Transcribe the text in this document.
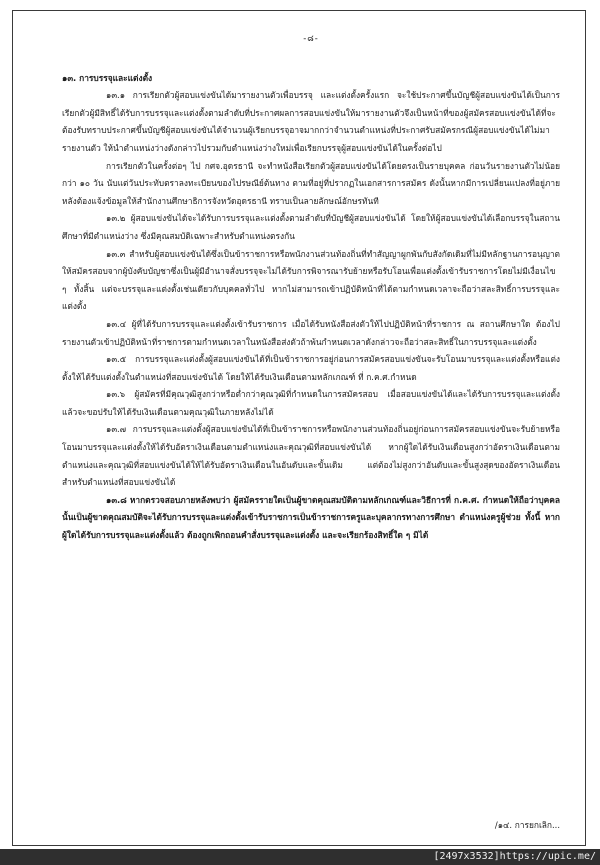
-๘-

๑๓. การบรรจุและแต่งตั้ง

๑๓.๑ การเรียกตัวผู้สอบแข่งขันได้มารายงานตัวเพื่อบรรจุ และแต่งตั้งครั้งแรก จะใช้ประกาศขึ้นบัญชีผู้สอบแข่งขันได้เป็นการเรียกตัวผู้มีสิทธิ์ได้รับการบรรจุและแต่งตั้งตามลำดับที่ประกาศผลการสอบแข่งขันให้มารายงานตัวจึงเป็นหน้าที่ของผู้สมัครสอบแข่งขันได้ที่จะต้องรับทราบประกาศขึ้นบัญชีผู้สอบแข่งขันได้จำนวนผู้เรียกบรรจุอาจมากกว่าจำนวนตำแหน่งที่ประกาศรับสมัครกรณีผู้สอบแข่งขันได้ไม่มารายงานตัว ให้นำตำแหน่งว่างดังกล่าวไปรวมกับตำแหน่งว่างใหม่เพื่อเรียกบรรจุผู้สอบแข่งขันได้ในครั้งต่อไป

การเรียกตัวในครั้งต่อๆ ไป กศจ.อุดรธานี จะทำหนังสือเรียกตัวผู้สอบแข่งขันได้โดยตรงเป็นรายบุคคล ก่อนวันรายงานตัวไม่น้อยกว่า ๑๐ วัน นับแต่วันประทับตราลงทะเบียนของไปรษณีย์ต้นทาง ตามที่อยู่ที่ปรากฏในเอกสารการสมัคร ดังนั้นหากมีการเปลี่ยนแปลงที่อยู่ภายหลังต้องแจ้งข้อมูลให้สำนักงานศึกษาธิการจังหวัดอุดรธานี ทราบเป็นลายลักษณ์อักษรทันที

๑๓.๒ ผู้สอบแข่งขันได้จะได้รับการบรรจุและแต่งตั้งตามลำดับที่บัญชีผู้สอบแข่งขันได้ โดยให้ผู้สอบแข่งขันได้เลือกบรรจุในสถานศึกษาที่มีตำแหน่งว่าง ซึ่งมีคุณสมบัติเฉพาะสำหรับตำแหน่งตรงกัน

๑๓.๓ สำหรับผู้สอบแข่งขันได้ซึ่งเป็นข้าราชการหรือพนักงานส่วนท้องถิ่นที่ทำสัญญาผูกพันกับสังกัดเดิมที่ไม่มีหลักฐานการอนุญาตให้สมัครสอบจากผู้บังคับบัญชาซึ่งเป็นผู้มีอำนาจสั่งบรรจุจะไม่ได้รับการพิจารณารับย้ายหรือรับโอนเพื่อแต่งตั้งเข้ารับราชการโดยไม่มีเงื่อนไข ๆ ทั้งสิ้น แต่จะบรรจุและแต่งตั้งเช่นเดียวกับบุคคลทั่วไป หากไม่สามารถเข้าปฏิบัติหน้าที่ได้ตามกำหนดเวลาจะถือว่าสละสิทธิ์การบรรจุและแต่งตั้ง

๑๓.๔ ผู้ที่ได้รับการบรรจุและแต่งตั้งเข้ารับราชการ เมื่อได้รับหนังสือส่งตัวให้ไปปฏิบัติหน้าที่ราชการ ณ สถานศึกษาใด ต้องไปรายงานตัวเข้าปฏิบัติหน้าที่ราชการตามกำหนดเวลาในหนังสือส่งตัวถ้าพ้นกำหนดเวลาดังกล่าวจะถือว่าสละสิทธิ์ในการบรรจุและแต่งตั้ง

๑๓.๕ การบรรจุและแต่งตั้งผู้สอบแข่งขันได้ที่เป็นข้าราชการอยู่ก่อนการสมัครสอบแข่งขันจะรับโอนมาบรรจุและแต่งตั้งหรือแต่งตั้งให้ได้รับแต่งตั้งในตำแหน่งที่สอบแข่งขันได้ โดยให้ได้รับเงินเดือนตามหลักเกณฑ์ ที่ ก.ค.ศ.กำหนด

๑๓.๖ ผู้สมัครที่มีคุณวุฒิสูงกว่าหรือต่ำกว่าคุณวุฒิที่กำหนดในการสมัครสอบ เมื่อสอบแข่งขันได้และได้รับการบรรจุและแต่งตั้งแล้วจะขอปรับให้ได้รับเงินเดือนตามคุณวุฒิในภายหลังไม่ได้

๑๓.๗ การบรรจุและแต่งตั้งผู้สอบแข่งขันได้ที่เป็นข้าราชการหรือพนักงานส่วนท้องถิ่นอยู่ก่อนการสมัครสอบแข่งขันจะรับย้ายหรือโอนมาบรรจุและแต่งตั้งให้ได้รับอัตราเงินเดือนตามตำแหน่งและคุณวุฒิที่สอบแข่งขันได้ หากผู้ใดได้รับเงินเดือนสูงกว่าอัตราเงินเดือนตามตำแหน่งและคุณวุฒิที่สอบแข่งขันได้ให้ได้รับอัตราเงินเดือนในอันดับและขั้นเดิม แต่ต้องไม่สูงกว่าอันดับและขั้นสูงสุดของอัตราเงินเดือนสำหรับตำแหน่งที่สอบแข่งขันได้

๑๓.๘ หากตรวจสอบภายหลังพบว่า ผู้สมัครรายใดเป็นผู้ขาดคุณสมบัติตามหลักเกณฑ์และวิธีการที่ ก.ค.ศ. กำหนดให้ถือว่าบุคคลนั้นเป็นผู้ขาดคุณสมบัติจะได้รับการบรรจุและแต่งตั้งเข้ารับราชการเป็นข้าราชการครูและบุคลากรทางการศึกษา ตำแหน่งครูผู้ช่วย ทั้งนี้ หากผู้ใดได้รับการบรรจุและแต่งตั้งแล้ว ต้องถูกเพิกถอนคำสั่งบรรจุและแต่งตั้ง และจะเรียกร้องสิทธิ์ใด ๆ มิได้

/๑๔. การยกเลิก...
[2497x3532]https://upic.me/
